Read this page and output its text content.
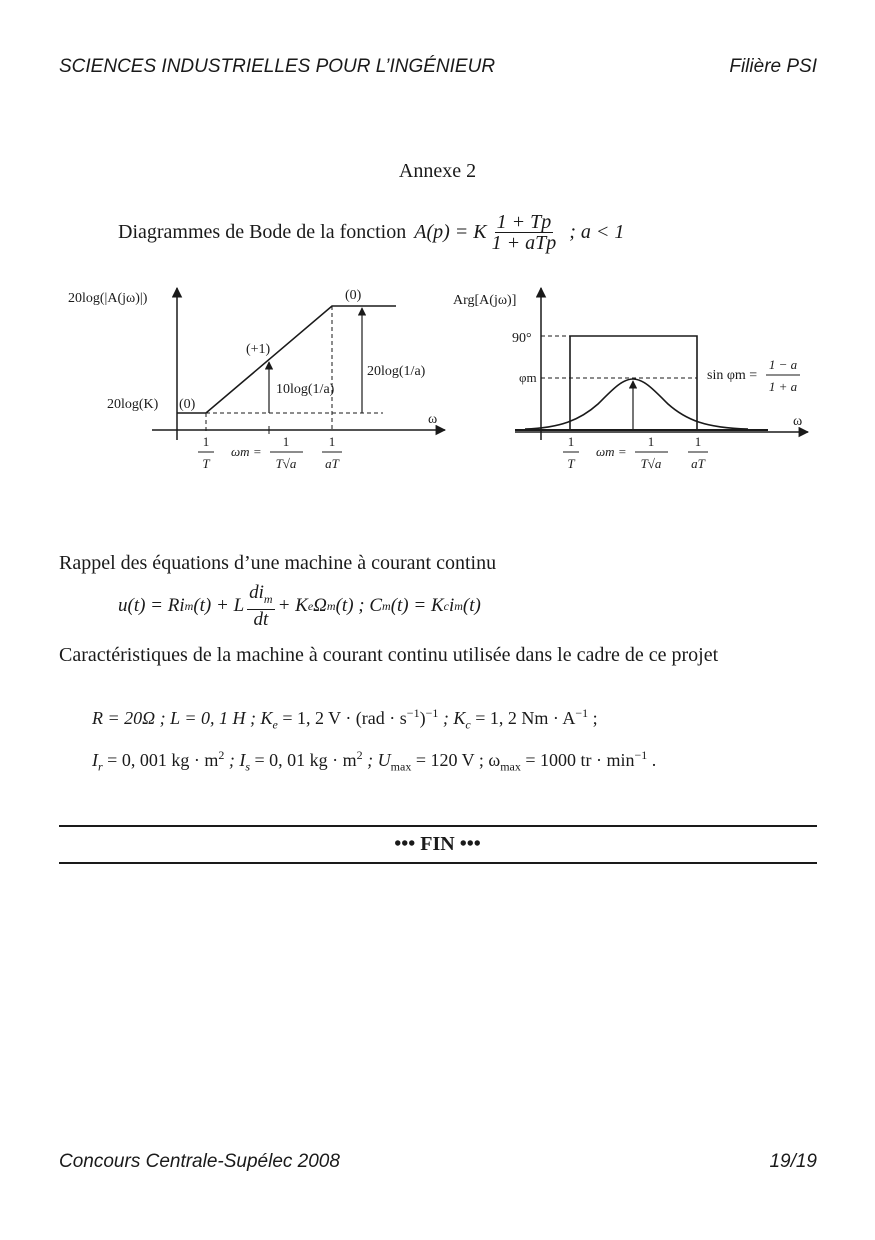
SCIENCES INDUSTRIELLES POUR L’INGÉNIEUR	Filière PSI
Annexe 2
Diagrammes de Bode de la fonction A(p) = K $\frac{1 + Tp}{\text{1 + aTp}}$ ; a < 1
20log(|A(jω)|)
ω
20log(K) (0)
(+1)
(0)
10log(1/a)
20log(1/a)
1
T
ωm =
1
T√a
1
aT
Arg[A(jω)]
ω
90°
φm	sin φm =
1 − a
1 + a
1
T
ωm =
1
T√a
1
aT
Rappel des équations d’une machine à courant continu
u(t) = Ri m (t) + L $\frac{di_m}{dt} + K$ e Ω m (t) ; C m (t) = K c i m (t)
Caractéristiques de la machine à courant continu utilisée dans le cadre de ce projet
R = 20Ω ; L = 0, 1 H ; $K_e = 1$, 2 $V \cdot (rad \cdot s^{-1})^{-1}$ ; $K_c = 1$, 2 $Nm \cdot A^{-1}$ ;
$I_r = 0$, 001 kg · $m^2$ ; $I_s = 0$, 01 kg · $m^2$ ; $U_{max} = 120$ V ; $\omega_{max} = 1000$ tr · $\min^{-1}$ .
••• FIN •••
Concours Centrale-Supélec 2008	19/19
